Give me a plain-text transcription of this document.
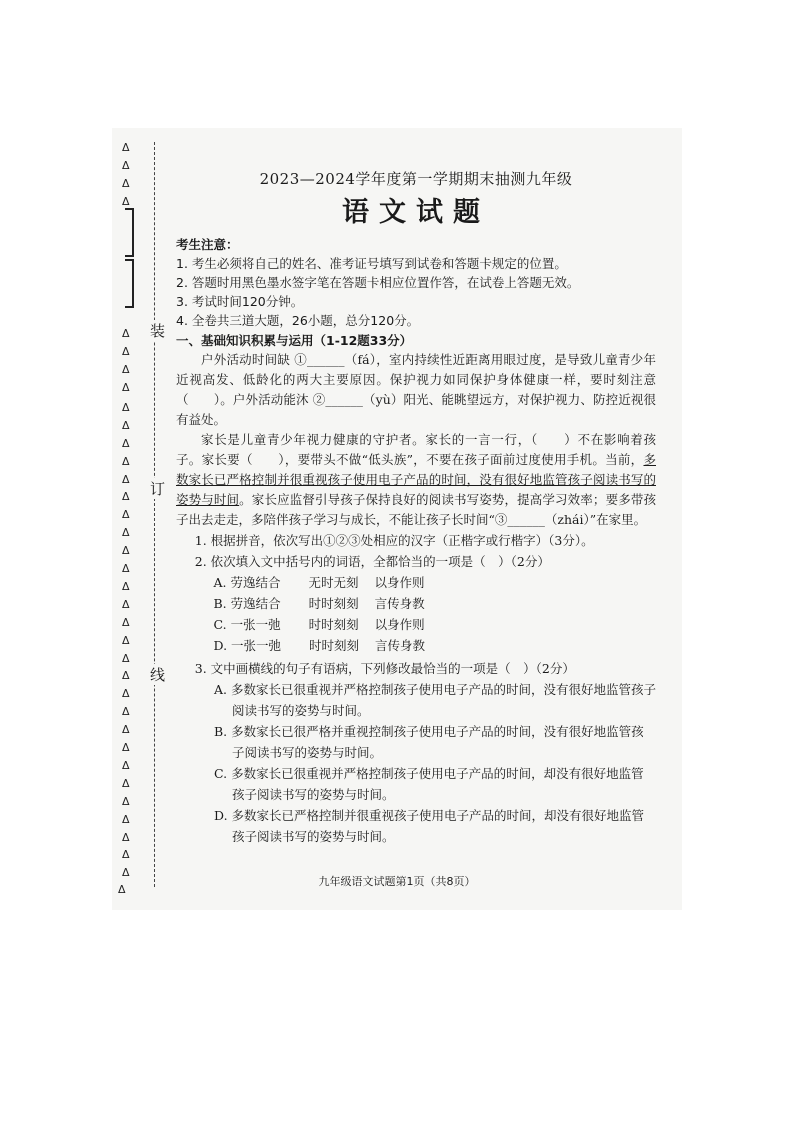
装
订
线
Δ
Δ
Δ
Δ
Δ
Δ
Δ
Δ
Δ
Δ
Δ
Δ
Δ
Δ
Δ
Δ
Δ
Δ
Δ
Δ
Δ
Δ
Δ
Δ
Δ
Δ
Δ
Δ
Δ
Δ
Δ
Δ
Δ
Δ
Δ
Δ
2023—2024学年度第一学期期末抽测九年级
语文试题
考生注意：
1. 考生必须将自己的姓名、准考证号填写到试卷和答题卡规定的位置。
2. 答题时用黑色墨水签字笔在答题卡相应位置作答，在试卷上答题无效。
3. 考试时间120分钟。
4. 全卷共三道大题，26小题，总分120分。
一、基础知识积累与运用（1-12题33分）

户外活动时间缺 ①______（fá），室内持续性近距离用眼过度，是导致儿童青少年近视高发、低龄化的两大主要原因。保护视力如同保护身体健康一样，要时刻注意（　　）。户外活动能沐 ②______（yù）阳光、能眺望远方，对保护视力、防控近视很有益处。

家长是儿童青少年视力健康的守护者。家长的一言一行，（　　）不在影响着孩子。家长要（　　），要带头不做“低头族”，不要在孩子面前过度使用手机。当前，多数家长已严格控制并很重视孩子使用电子产品的时间，没有很好地监管孩子阅读书写的姿势与时间。家长应监督引导孩子保持良好的阅读书写姿势，提高学习效率；要多带孩子出去走走，多陪伴孩子学习与成长，不能让孩子长时间“③______（zhái）”在家里。

1. 根据拼音，依次写出①②③处相应的汉字（正楷字或行楷字）（3分）。

2. 依次填入文中括号内的词语，全都恰当的一项是（　）（2分）

A. 劳逸结合 无时无刻 以身作则

B. 劳逸结合 时时刻刻 言传身教

C. 一张一弛 时时刻刻 以身作则

D. 一张一弛 时时刻刻 言传身教

3. 文中画横线的句子有语病，下列修改最恰当的一项是（　）（2分）

A. 多数家长已很重视并严格控制孩子使用电子产品的时间，没有很好地监管孩子阅读书写的姿势与时间。

B. 多数家长已很严格并重视控制孩子使用电子产品的时间，没有很好地监管孩子阅读书写的姿势与时间。

C. 多数家长已很重视并严格控制孩子使用电子产品的时间，却没有很好地监管孩子阅读书写的姿势与时间。

D. 多数家长已严格控制并很重视孩子使用电子产品的时间，却没有很好地监管孩子阅读书写的姿势与时间。

九年级语文试题第1页（共8页）
